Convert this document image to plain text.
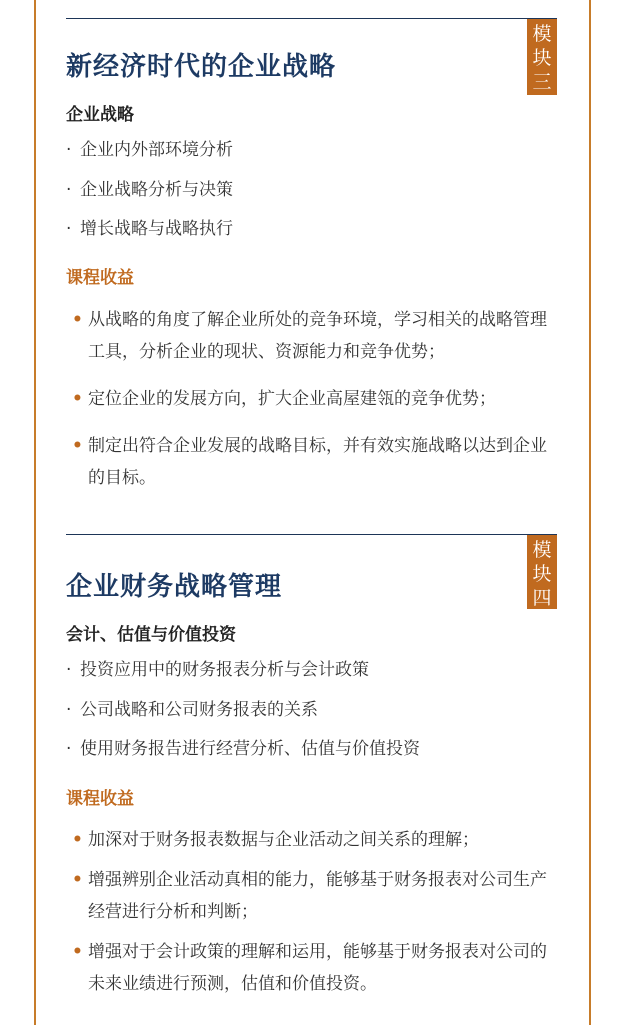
模
块
三
新经济时代的企业战略
企业战略
· 企业内外部环境分析
· 企业战略分析与决策
· 增长战略与战略执行
课程收益
• 从战略的角度了解企业所处的竞争环境，学习相关的战略管理工具，分析企业的现状、资源能力和竞争优势；
• 定位企业的发展方向，扩大企业高屋建瓴的竞争优势；
• 制定出符合企业发展的战略目标，并有效实施战略以达到企业的目标。
模
块
四
企业财务战略管理
会计、估值与价值投资
· 投资应用中的财务报表分析与会计政策
· 公司战略和公司财务报表的关系
· 使用财务报告进行经营分析、估值与价值投资
课程收益
• 加深对于财务报表数据与企业活动之间关系的理解；
• 增强辨别企业活动真相的能力，能够基于财务报表对公司生产经营进行分析和判断；
• 增强对于会计政策的理解和运用，能够基于财务报表对公司的未来业绩进行预测，估值和价值投资。
